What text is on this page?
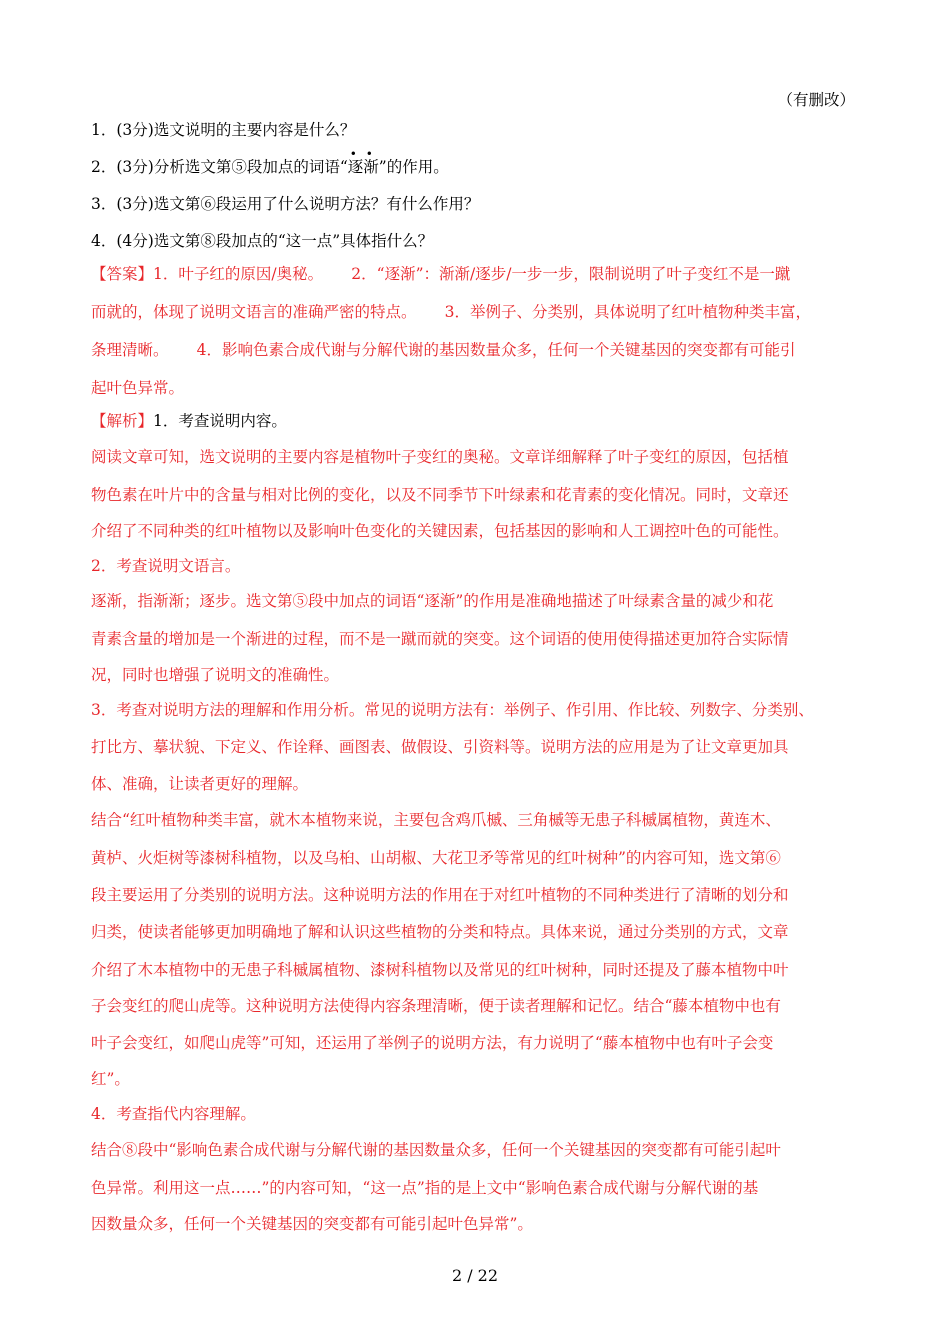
（有删改）
1．(3分)选文说明的主要内容是什么？
2．(3分)分析选文第⑤段加点的词语“
• •
逐渐”的作用。
3．(3分)选文第⑥段运用了什么说明方法？有什么作用？
4．(4分)选文第⑧段加点的“这一点”具体指什么？
【答案】1．叶子红的原因/奥秘。　　 2．“逐渐”：渐渐/逐步/一步一步，限制说明了叶子变红不是一蹴
而就的，体现了说明文语言的准确严密的特点。　　 3．举例子、分类别，具体说明了红叶植物种类丰富，
条理清晰。　　 4．影响色素合成代谢与分解代谢的基因数量众多，任何一个关键基因的突变都有可能引
起叶色异常。
【解析】1．考查说明内容。
阅读文章可知，选文说明的主要内容是植物叶子变红的奥秘。文章详细解释了叶子变红的原因，包括植
物色素在叶片中的含量与相对比例的变化，以及不同季节下叶绿素和花青素的变化情况。同时，文章还
介绍了不同种类的红叶植物以及影响叶色变化的关键因素，包括基因的影响和人工调控叶色的可能性。
2．考查说明文语言。
逐渐，指渐渐；逐步。选文第⑤段中加点的词语“逐渐”的作用是准确地描述了叶绿素含量的减少和花
青素含量的增加是一个渐进的过程，而不是一蹴而就的突变。这个词语的使用使得描述更加符合实际情
况，同时也增强了说明文的准确性。
3．考查对说明方法的理解和作用分析。常见的说明方法有：举例子、作引用、作比较、列数字、分类别、
打比方、摹状貌、下定义、作诠释、画图表、做假设、引资料等。说明方法的应用是为了让文章更加具
体、准确，让读者更好的理解。
结合“红叶植物种类丰富，就木本植物来说，主要包含鸡爪槭、三角槭等无患子科槭属植物，黄连木、
黄栌、火炬树等漆树科植物，以及乌桕、山胡椒、大花卫矛等常见的红叶树种”的内容可知，选文第⑥
段主要运用了分类别的说明方法。这种说明方法的作用在于对红叶植物的不同种类进行了清晰的划分和
归类，使读者能够更加明确地了解和认识这些植物的分类和特点。具体来说，通过分类别的方式，文章
介绍了木本植物中的无患子科槭属植物、漆树科植物以及常见的红叶树种，同时还提及了藤本植物中叶
子会变红的爬山虎等。这种说明方法使得内容条理清晰，便于读者理解和记忆。结合“藤本植物中也有
叶子会变红，如爬山虎等”可知，还运用了举例子的说明方法，有力说明了“藤本植物中也有叶子会变
红”。
4．考查指代内容理解。
结合⑧段中“影响色素合成代谢与分解代谢的基因数量众多，任何一个关键基因的突变都有可能引起叶
色异常。利用这一点……”的内容可知，“这一点”指的是上文中“影响色素合成代谢与分解代谢的基
因数量众多，任何一个关键基因的突变都有可能引起叶色异常”。
2 / 22
